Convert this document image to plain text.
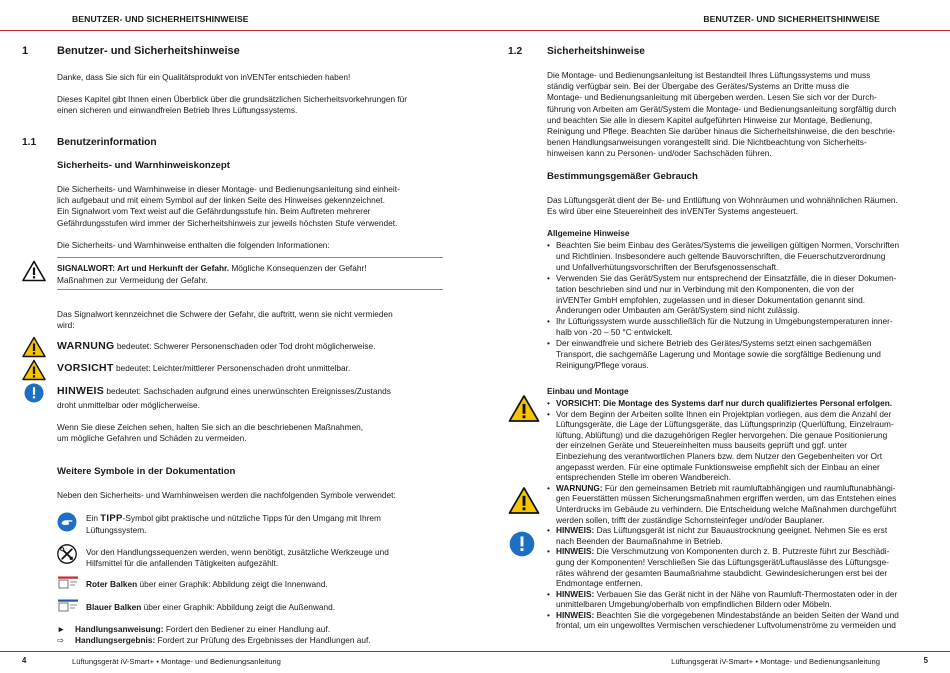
BENUTZER- UND SICHERHEITSHINWEISE
1	Benutzer- und Sicherheitshinweise
Danke, dass Sie sich für ein Qualitätsprodukt von inVENTer entschieden haben!
Dieses Kapitel gibt Ihnen einen Überblick über die grundsätzlichen Sicherheitsvorkehrungen für
einen sicheren und einwandfreien Betrieb Ihres Lüftungssystems.
1.1 Benutzerinformation
Sicherheits- und Warnhinweiskonzept
Die Sicherheits- und Warnhinweise in dieser Montage- und Bedienungsanleitung sind einheit-
lich aufgebaut und mit einem Symbol auf der linken Seite des Hinweises gekennzeichnet.
Ein Signalwort vom Text weist auf die Gefährdungsstufe hin. Beim Auftreten mehrerer
Gefährdungsstufen wird immer der Sicherheitshinweis zur jeweils höchsten Stufe verwendet.
Die Sicherheits- und Warnhinweise enthalten die folgenden Informationen:
SIGNALWORT: Art und Herkunft der Gefahr. Mögliche Konsequenzen der Gefahr!
Maßnahmen zur Vermeidung der Gefahr.
Das Signalwort kennzeichnet die Schwere der Gefahr, die auftritt, wenn sie nicht vermieden
wird:
WARNUNG bedeutet: Schwerer Personenschaden oder Tod droht möglicherweise.
VORSICHT bedeutet: Leichter/mittlerer Personenschaden droht unmittelbar.
HINWEIS bedeutet: Sachschaden aufgrund eines unerwünschten Ereignisses/Zustands
droht unmittelbar oder möglicherweise.
Wenn Sie diese Zeichen sehen, halten Sie sich an die beschriebenen Maßnahmen,
um mögliche Gefahren und Schäden zu vermeiden.
Weitere Symbole in der Dokumentation
Neben den Sicherheits- und Warnhinweisen werden die nachfolgenden Symbole verwendet:
Ein TIPP-Symbol gibt praktische und nützliche Tipps für den Umgang mit Ihrem
Lüftungssystem.
Vor den Handlungssequenzen werden, wenn benötigt, zusätzliche Werkzeuge und
Hilfsmittel für die anfallenden Tätigkeiten aufgezählt.
Roter Balken über einer Graphik: Abbildung zeigt die Innenwand.
Blauer Balken über einer Graphik: Abbildung zeigt die Außenwand.
► Handlungsanweisung: Fordert den Bediener zu einer Handlung auf.
⇨ Handlungsergebnis: Fordert zur Prüfung des Ergebnisses der Handlungen auf.
4	Lüftungsgerät iV-Smart+ • Montage- und Bedienungsanleitung
BENUTZER- UND SICHERHEITSHINWEISE
1.2 Sicherheitshinweise
Die Montage- und Bedienungsanleitung ist Bestandteil Ihres Lüftungssystems und muss
ständig verfügbar sein. Bei der Übergabe des Gerätes/Systems an Dritte muss die
Montage- und Bedienungsanleitung mit übergeben werden. Lesen Sie sich vor der Durch-
führung von Arbeiten am Gerät/System die Montage- und Bedienungsanleitung sorgfältig durch
und beachten Sie alle in diesem Kapitel aufgeführten Hinweise zur Montage, Bedienung,
Reinigung und Pflege. Beachten Sie darüber hinaus die Sicherheitshinweise, die den beschrie-
benen Handlungsanweisungen vorangestellt sind. Die Nichtbeachtung von Sicherheits-
hinweisen kann zu Personen- und/oder Sachschäden führen.
Bestimmungsgemäßer Gebrauch
Das Lüftungsgerät dient der Be- und Entlüftung von Wohnräumen und wohnähnlichen Räumen.
Es wird über eine Steuereinheit des inVENTer Systems angesteuert.
Allgemeine Hinweise
• Beachten Sie beim Einbau des Gerätes/Systems die jeweiligen gültigen Normen, Vorschriften
und Richtlinien. Insbesondere auch geltende Bauvorschriften, die Feuerschutzverordnung
und Unfallverhütungsvorschriften der Berufsgenossenschaft.
• Verwenden Sie das Gerät/System nur entsprechend der Einsatzfälle, die in dieser Dokumen-
tation beschrieben sind und nur in Verbindung mit den Komponenten, die von der
inVENTer GmbH empfohlen, zugelassen und in dieser Dokumentation genannt sind.
Änderungen oder Umbauten am Gerät/System sind nicht zulässig.
• Ihr Lüftungssystem wurde ausschließlich für die Nutzung in Umgebungstemperaturen inner-
halb von -20 – 50 °C entwickelt.
• Der einwandfreie und sichere Betrieb des Gerätes/Systems setzt einen sachgemäßen
Transport, die sachgemäße Lagerung und Montage sowie die sorgfältige Bedienung und
Reinigung/Pflege voraus.
Einbau und Montage
• VORSICHT: Die Montage des Systems darf nur durch qualifiziertes Personal erfolgen.
• Vor dem Beginn der Arbeiten sollte Ihnen ein Projektplan vorliegen, aus dem die Anzahl der
Lüftungsgeräte, die Lage der Lüftungsgeräte, das Lüftungsprinzip (Querlüftung, Einzelraum-
lüftung, Ablüftung) und die dazugehörigen Regler hervorgehen. Die genaue Positionierung
der einzelnen Geräte und Steuereinheiten muss bauseits geprüft und ggf. unter
Einbeziehung des verantwortlichen Planers bzw. dem Nutzer den Gegebenheiten vor Ort
angepasst werden. Für eine optimale Funktionsweise empfiehlt sich der Einbau an einer
entsprechenden Stelle im oberen Wandbereich.
• WARNUNG: Für den gemeinsamen Betrieb mit raumluftabhängigen und raumluftunabhängi-
gen Feuerstätten müssen Sicherungsmaßnahmen ergriffen werden, um das Entstehen eines
Unterdrucks im Gebäude zu verhindern. Die Entscheidung welche Maßnahmen durchgeführt
werden sollen, trifft der zuständige Schornsteinfeger und/oder Bauplaner.
• HINWEIS: Das Lüftungsgerät ist nicht zur Bauaustrocknung geeignet. Nehmen Sie es erst
nach Beenden der Baumaßnahme in Betrieb.
• HINWEIS: Die Verschmutzung von Komponenten durch z. B. Putzreste führt zur Beschädi-
gung der Komponenten! Verschließen Sie das Lüftungsgerät/Luftauslässe des Lüftungsge-
rätes während der gesamten Baumaßnahme staubdicht. Gewindesicherungen erst bei der
Endmontage entfernen.
• HINWEIS: Verbauen Sie das Gerät nicht in der Nähe von Raumluft-Thermostaten oder in der
unmittelbaren Umgebung/oberhalb von empfindlichen Bildern oder Möbeln.
• HINWEIS: Beachten Sie die vorgegebenen Mindestabstände an beiden Seiten der Wand und
frontal, um ein ungewolltes Vermischen verschiedener Luftvolumenströme zu vermeiden und
Lüftungsgerät iV-Smart+ • Montage- und Bedienungsanleitung	5
